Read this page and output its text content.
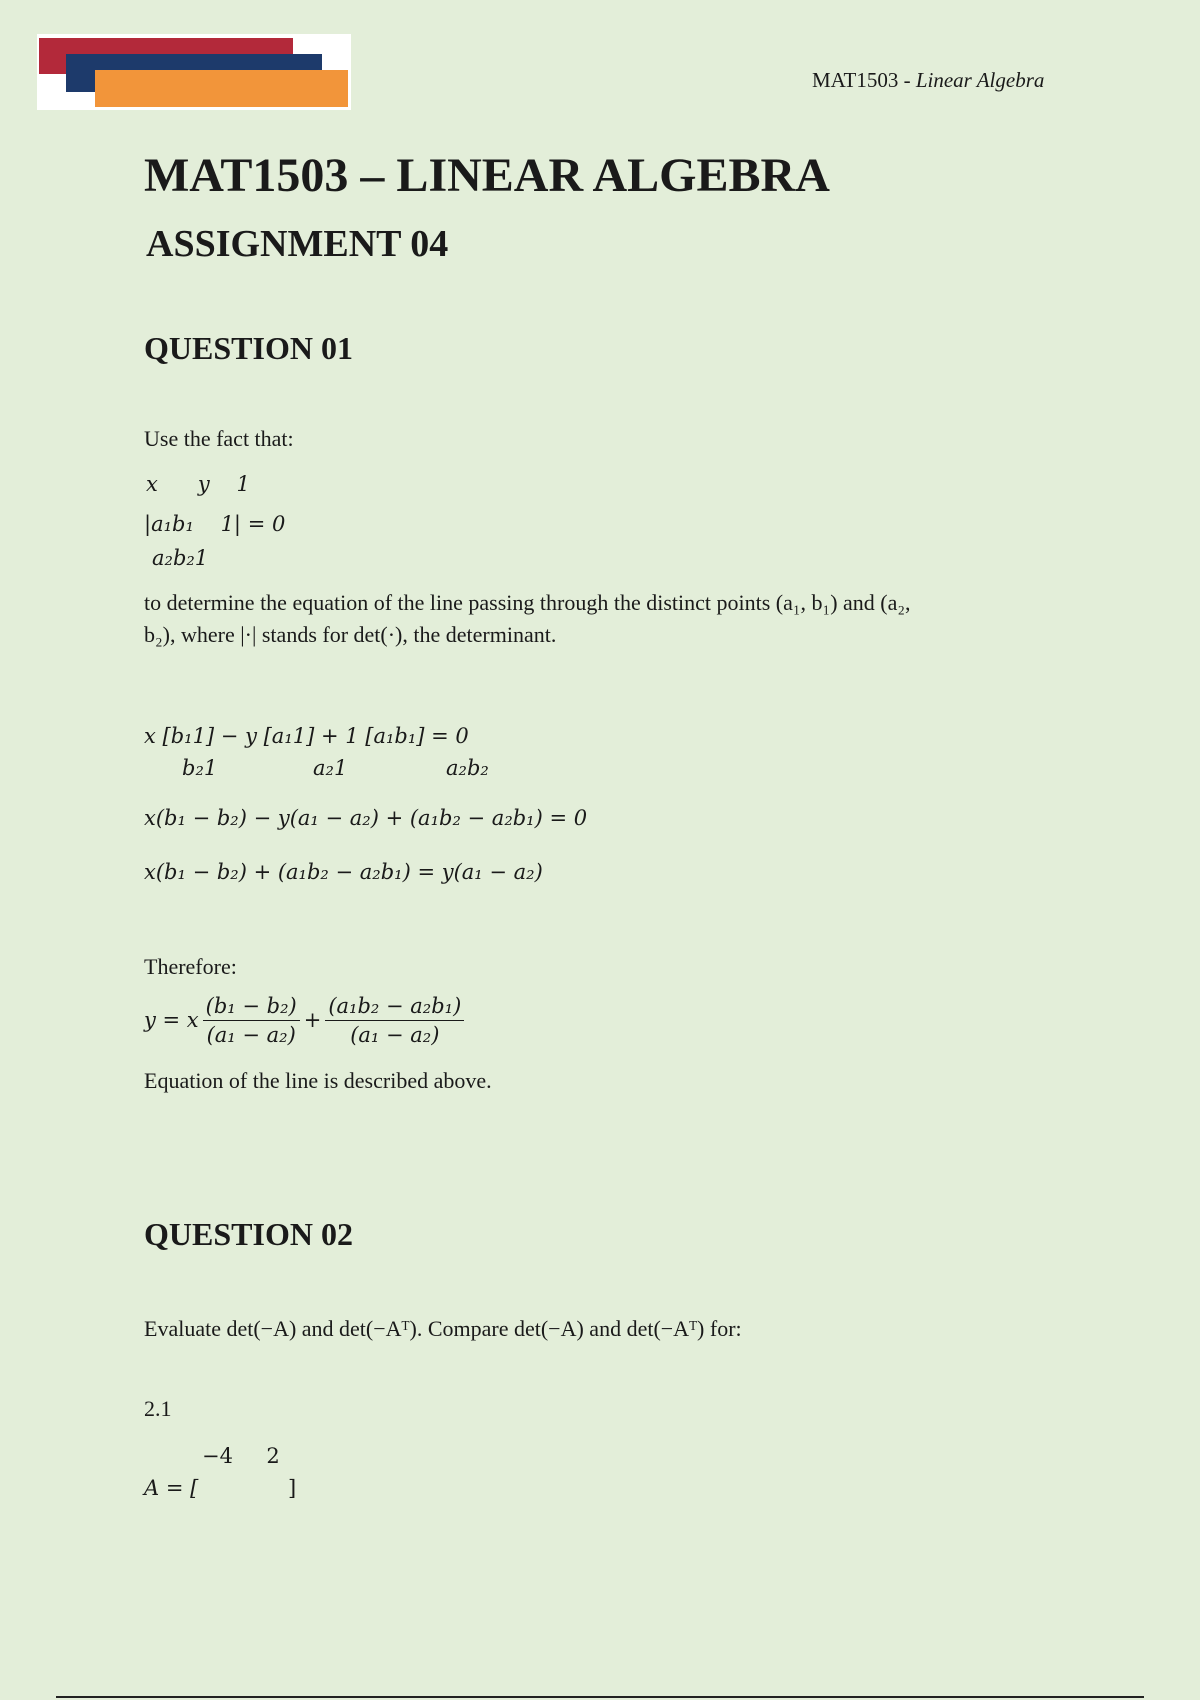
MAT1503 - Linear Algebra
MAT1503 – LINEAR ALGEBRA
ASSIGNMENT 04
QUESTION 01
Use the fact that:
x      y    1
|a₁b₁    1| = 0
a₂b₂1
to determine the equation of the line passing through the distinct points (a₁, b₁) and (a₂,
b₂), where |·| stands for det(·), the determinant.
x [b₁1] − y [a₁1] + 1 [a₁b₁] = 0
b₂1	a₂1	a₂b₂
x(b₁ − b₂) − y(a₁ − a₂) + (a₁b₂ − a₂b₁) = 0
x(b₁ − b₂) + (a₁b₂ − a₂b₁) = y(a₁ − a₂)
Therefore:
y = x $\frac{\text{(b₁ − b₂)}}{\text{(a₁ − a₂)}} + \frac{\text{(a₁b₂ − a₂b₁)}}{\text{(a₁ − a₂)}}$
Equation of the line is described above.
QUESTION 02
Evaluate det(−A) and det(−Aᵀ). Compare det(−A) and det(−Aᵀ) for:
2.1
−4     2
A = [	]
